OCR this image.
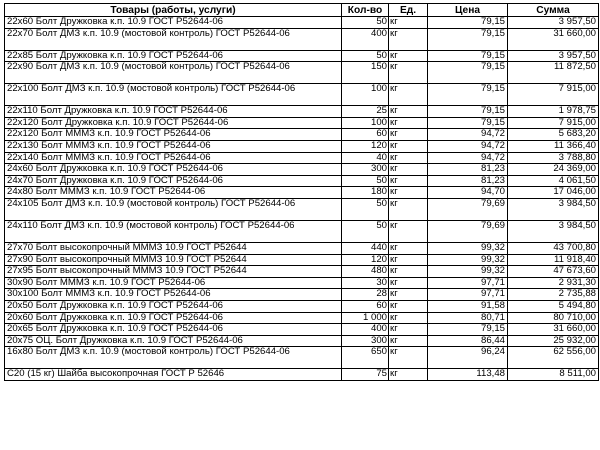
Товары (работы, услуги)	Кол-во	Ед.	Цена	Сумма
22x60 Болт Дружковка к.п. 10.9 ГОСТ Р52644-06	50	кг	79,15	3 957,50
22x70 Болт ДМЗ к.п. 10.9 (мостовой контроль) ГОСТ Р52644-06	400	кг	79,15	31 660,00
22x85 Болт Дружковка к.п. 10.9 ГОСТ Р52644-06	50	кг	79,15	3 957,50
22x90 Болт ДМЗ к.п. 10.9 (мостовой контроль) ГОСТ Р52644-06	150	кг	79,15	11 872,50
22x100 Болт ДМЗ к.п. 10.9 (мостовой контроль) ГОСТ Р52644-06	100	кг	79,15	7 915,00
22x110 Болт Дружковка к.п. 10.9 ГОСТ Р52644-06	25	кг	79,15	1 978,75
22x120 Болт Дружковка к.п. 10.9 ГОСТ Р52644-06	100	кг	79,15	7 915,00
22x120 Болт МММЗ к.п. 10.9 ГОСТ Р52644-06	60	кг	94,72	5 683,20
22x130 Болт МММЗ к.п. 10.9 ГОСТ Р52644-06	120	кг	94,72	11 366,40
22x140 Болт МММЗ к.п. 10.9 ГОСТ Р52644-06	40	кг	94,72	3 788,80
24x60 Болт Дружковка к.п. 10.9 ГОСТ Р52644-06	300	кг	81,23	24 369,00
24x70 Болт Дружковка к.п. 10.9 ГОСТ Р52644-06	50	кг	81,23	4 061,50
24x80 Болт МММЗ к.п. 10.9 ГОСТ Р52644-06	180	кг	94,70	17 046,00
24x105 Болт ДМЗ к.п. 10.9 (мостовой контроль) ГОСТ Р52644-06	50	кг	79,69	3 984,50
24x110 Болт ДМЗ к.п. 10.9 (мостовой контроль) ГОСТ Р52644-06	50	кг	79,69	3 984,50
27x70 Болт высокопрочный МММЗ 10.9 ГОСТ Р52644	440	кг	99,32	43 700,80
27x90 Болт высокопрочный МММЗ 10.9 ГОСТ Р52644	120	кг	99,32	11 918,40
27x95 Болт высокопрочный МММЗ 10.9 ГОСТ Р52644	480	кг	99,32	47 673,60
30x90 Болт МММЗ к.п. 10.9 ГОСТ Р52644-06	30	кг	97,71	2 931,30
30x100 Болт МММЗ к.п. 10.9 ГОСТ Р52644-06	28	кг	97,71	2 735,88
20x50 Болт Дружковка к.п. 10.9 ГОСТ Р52644-06	60	кг	91,58	5 494,80
20x60 Болт Дружковка к.п. 10.9 ГОСТ Р52644-06	1 000	кг	80,71	80 710,00
20x65 Болт Дружковка к.п. 10.9 ГОСТ Р52644-06	400	кг	79,15	31 660,00
20x75 ОЦ. Болт Дружковка к.п. 10.9 ГОСТ Р52644-06	300	кг	86,44	25 932,00
16x80 Болт ДМЗ к.п. 10.9 (мостовой контроль) ГОСТ Р52644-06	650	кг	96,24	62 556,00
С20 (15 кг) Шайба высокопрочная ГОСТ Р 52646	75	кг	113,48	8 511,00
